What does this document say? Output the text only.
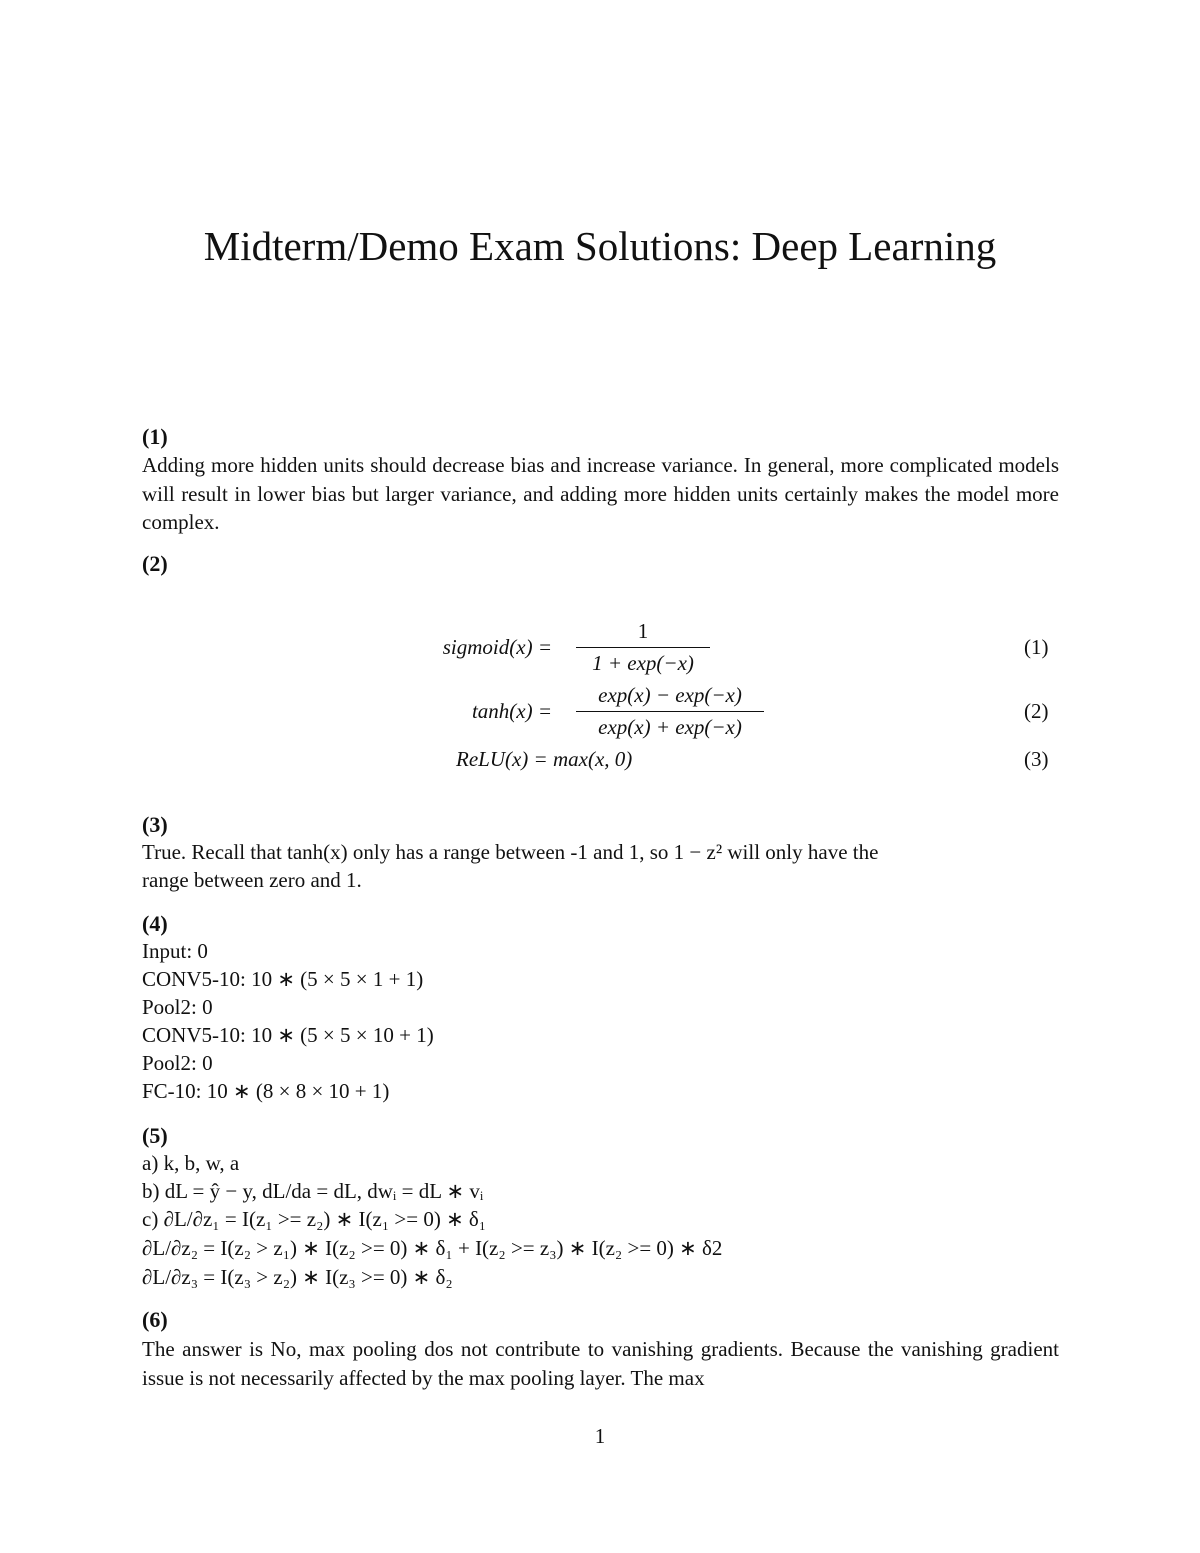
Midterm/Demo Exam Solutions: Deep Learning
(1)

Adding more hidden units should decrease bias and increase variance. In general, more complicated models will result in lower bias but larger variance, and adding more hidden units certainly makes the model more complex.

(2)
sigmoid(x) = $\frac{1}{1 + \exp(-x)}$	(1)
$\tanh(x) = \frac{\exp(x) - \exp(-x)}{\exp(x) + \exp(-x)}$	(2)
ReLU(x) = max(x, 0)	(3)
(3)
True. Recall that tanh(x) only has a range between -1 and 1, so 1 − z² will only have the
range between zero and 1.
(4)
Input: 0
CONV5-10: 10 ∗ (5 × 5 × 1 + 1)
Pool2: 0
CONV5-10: 10 ∗ (5 × 5 × 10 + 1)
Pool2: 0
FC-10: 10 ∗ (8 × 8 × 10 + 1)
(5)
a) k, b, w, a
b) dL = ŷ − y, dL/da = dL, dwᵢ = dL ∗ vᵢ
c) ∂L/∂z₁ = I(z₁ >= z₂) ∗ I(z₁ >= 0) ∗ δ₁
∂L/∂z₂ = I(z₂ > z₁) ∗ I(z₂ >= 0) ∗ δ₁ + I(z₂ >= z₃) ∗ I(z₂ >= 0) ∗ δ2
∂L/∂z₃ = I(z₃ > z₂) ∗ I(z₃ >= 0) ∗ δ₂
(6)

The answer is No, max pooling dos not contribute to vanishing gradients. Because the vanishing gradient issue is not necessarily affected by the max pooling layer. The max

1
